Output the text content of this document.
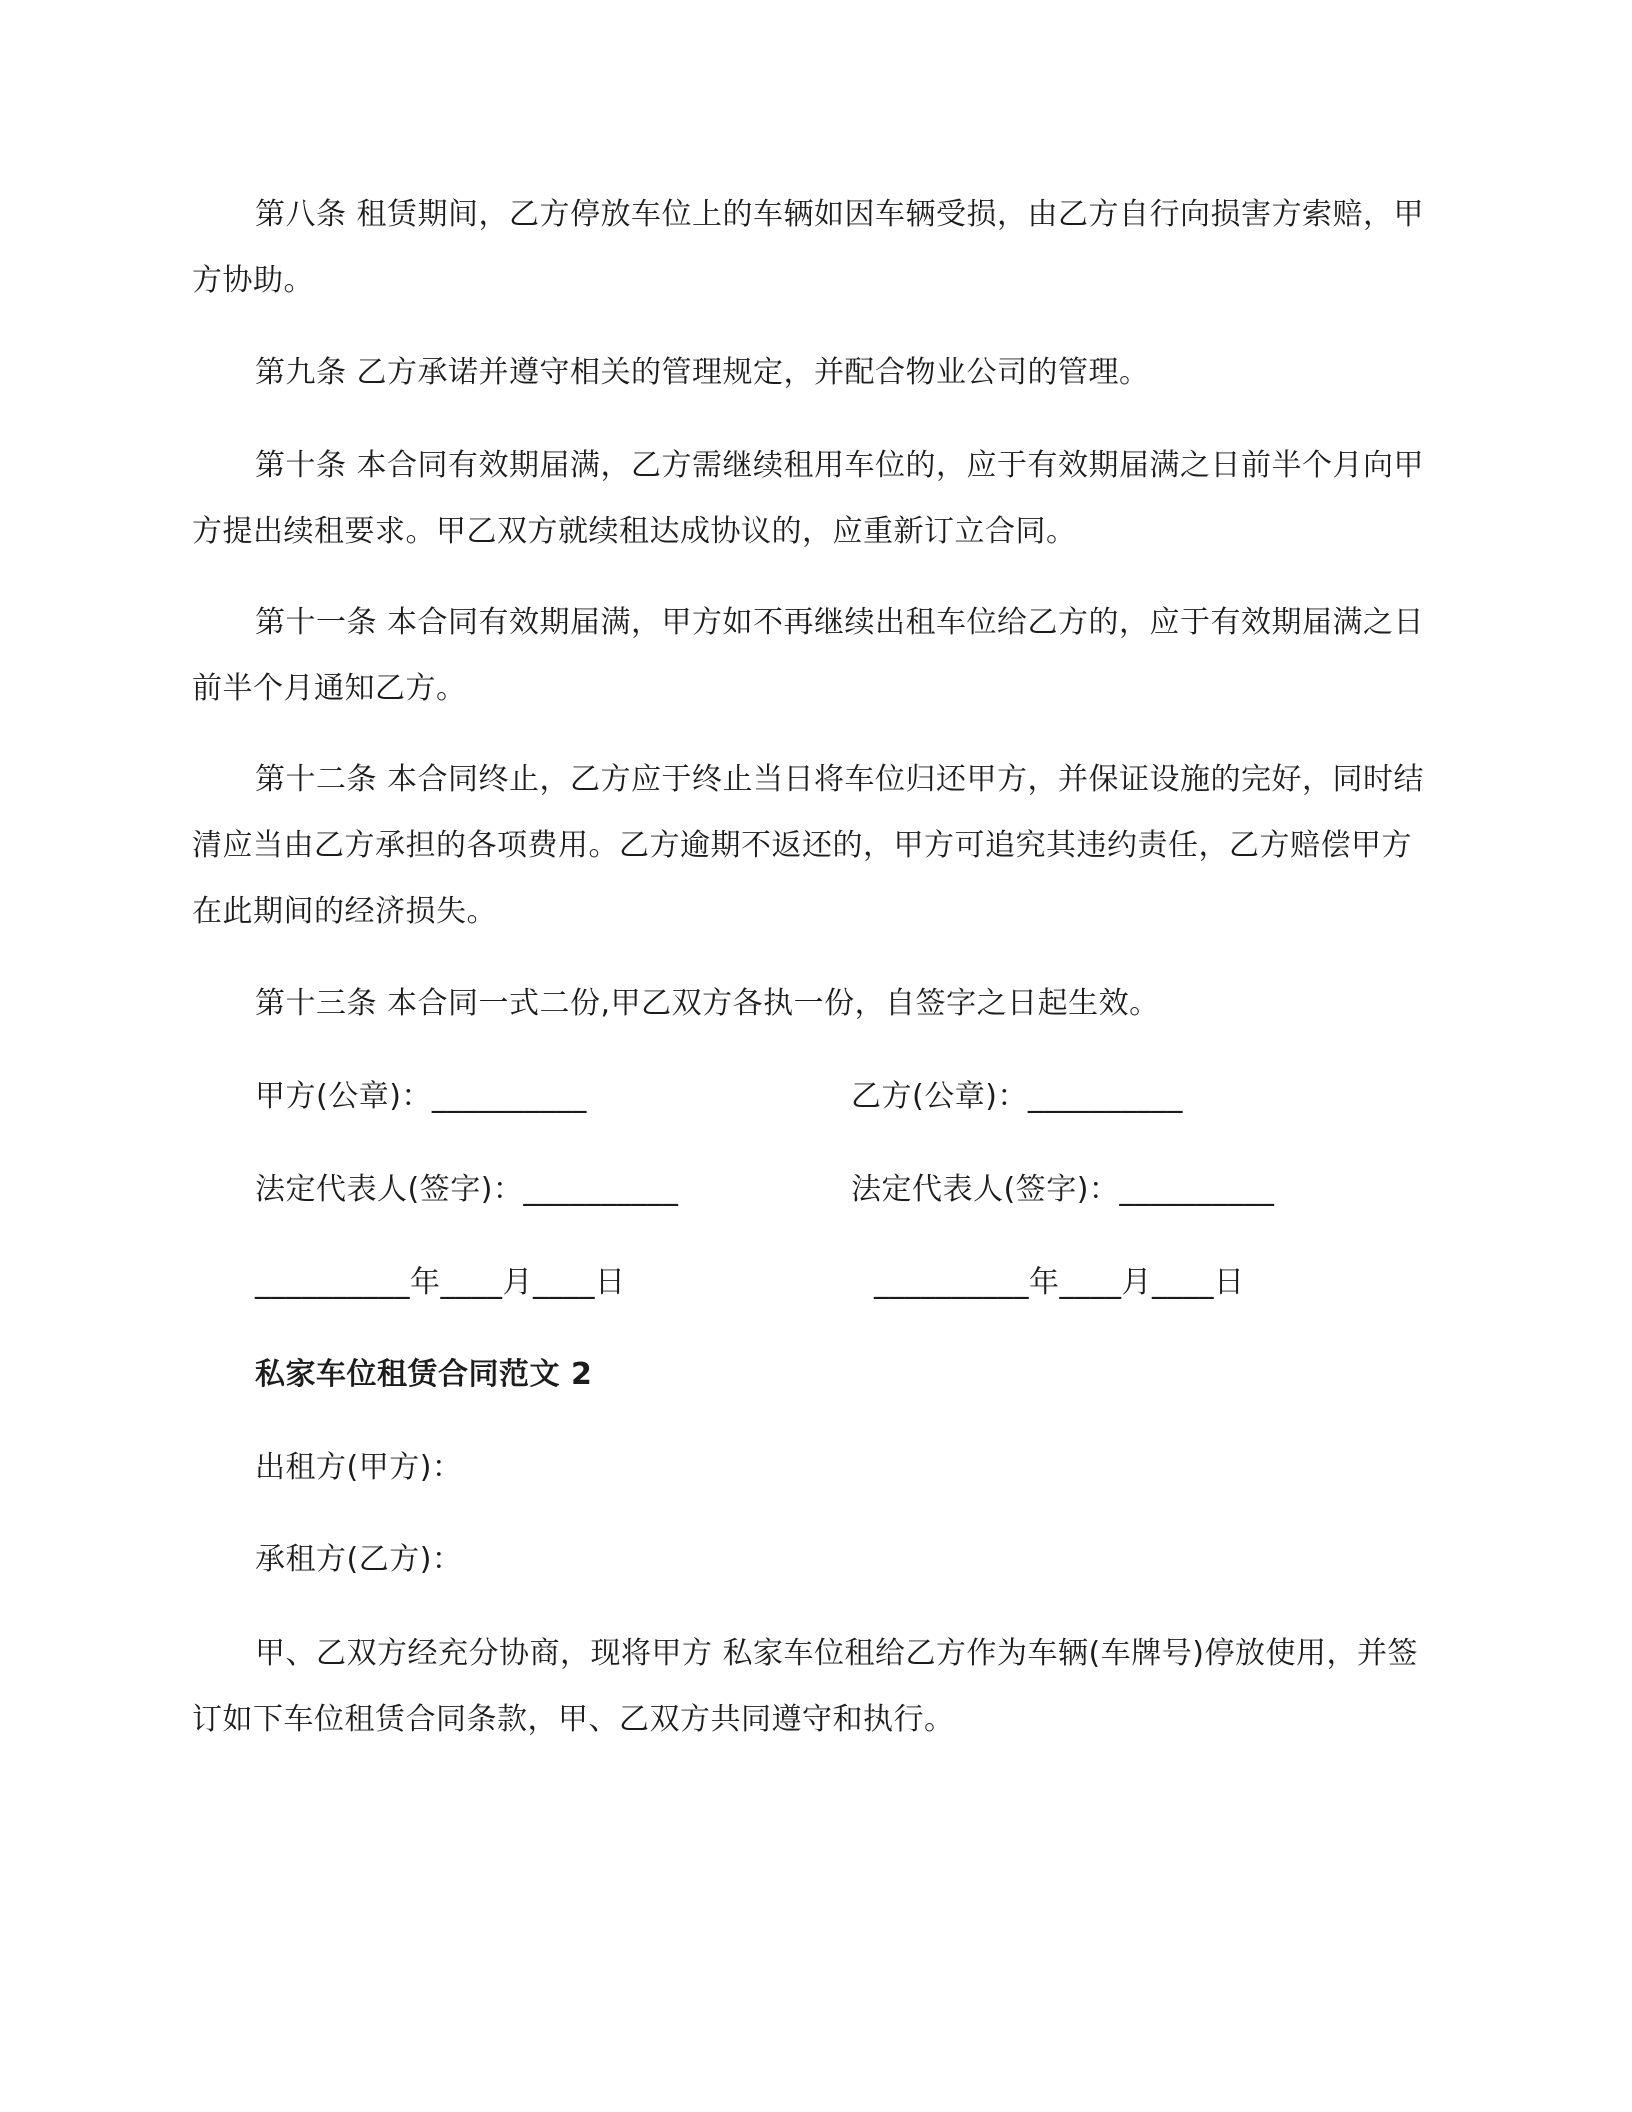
第八条 租赁期间，乙方停放车位上的车辆如因车辆受损，由乙方自行向损害方索赔，甲方协助。

第九条 乙方承诺并遵守相关的管理规定，并配合物业公司的管理。

第十条 本合同有效期届满，乙方需继续租用车位的，应于有效期届满之日前半个月向甲方提出续租要求。甲乙双方就续租达成协议的，应重新订立合同。

第十一条 本合同有效期届满，甲方如不再继续出租车位给乙方的，应于有效期届满之日前半个月通知乙方。

第十二条 本合同终止，乙方应于终止当日将车位归还甲方，并保证设施的完好，同时结清应当由乙方承担的各项费用。乙方逾期不返还的，甲方可追究其违约责任，乙方赔偿甲方在此期间的经济损失。

第十三条 本合同一式二份,甲乙双方各执一份，自签字之日起生效。

甲方(公章)：__________	乙方(公章)：__________
法定代表人(签字)：__________	法定代表人(签字)：__________
__________年____月____日	__________年____月____日
私家车位租赁合同范文 2
出租方(甲方)：
承租方(乙方)：

甲、乙双方经充分协商，现将甲方 私家车位租给乙方作为车辆(车牌号)停放使用，并签订如下车位租赁合同条款，甲、乙双方共同遵守和执行。
